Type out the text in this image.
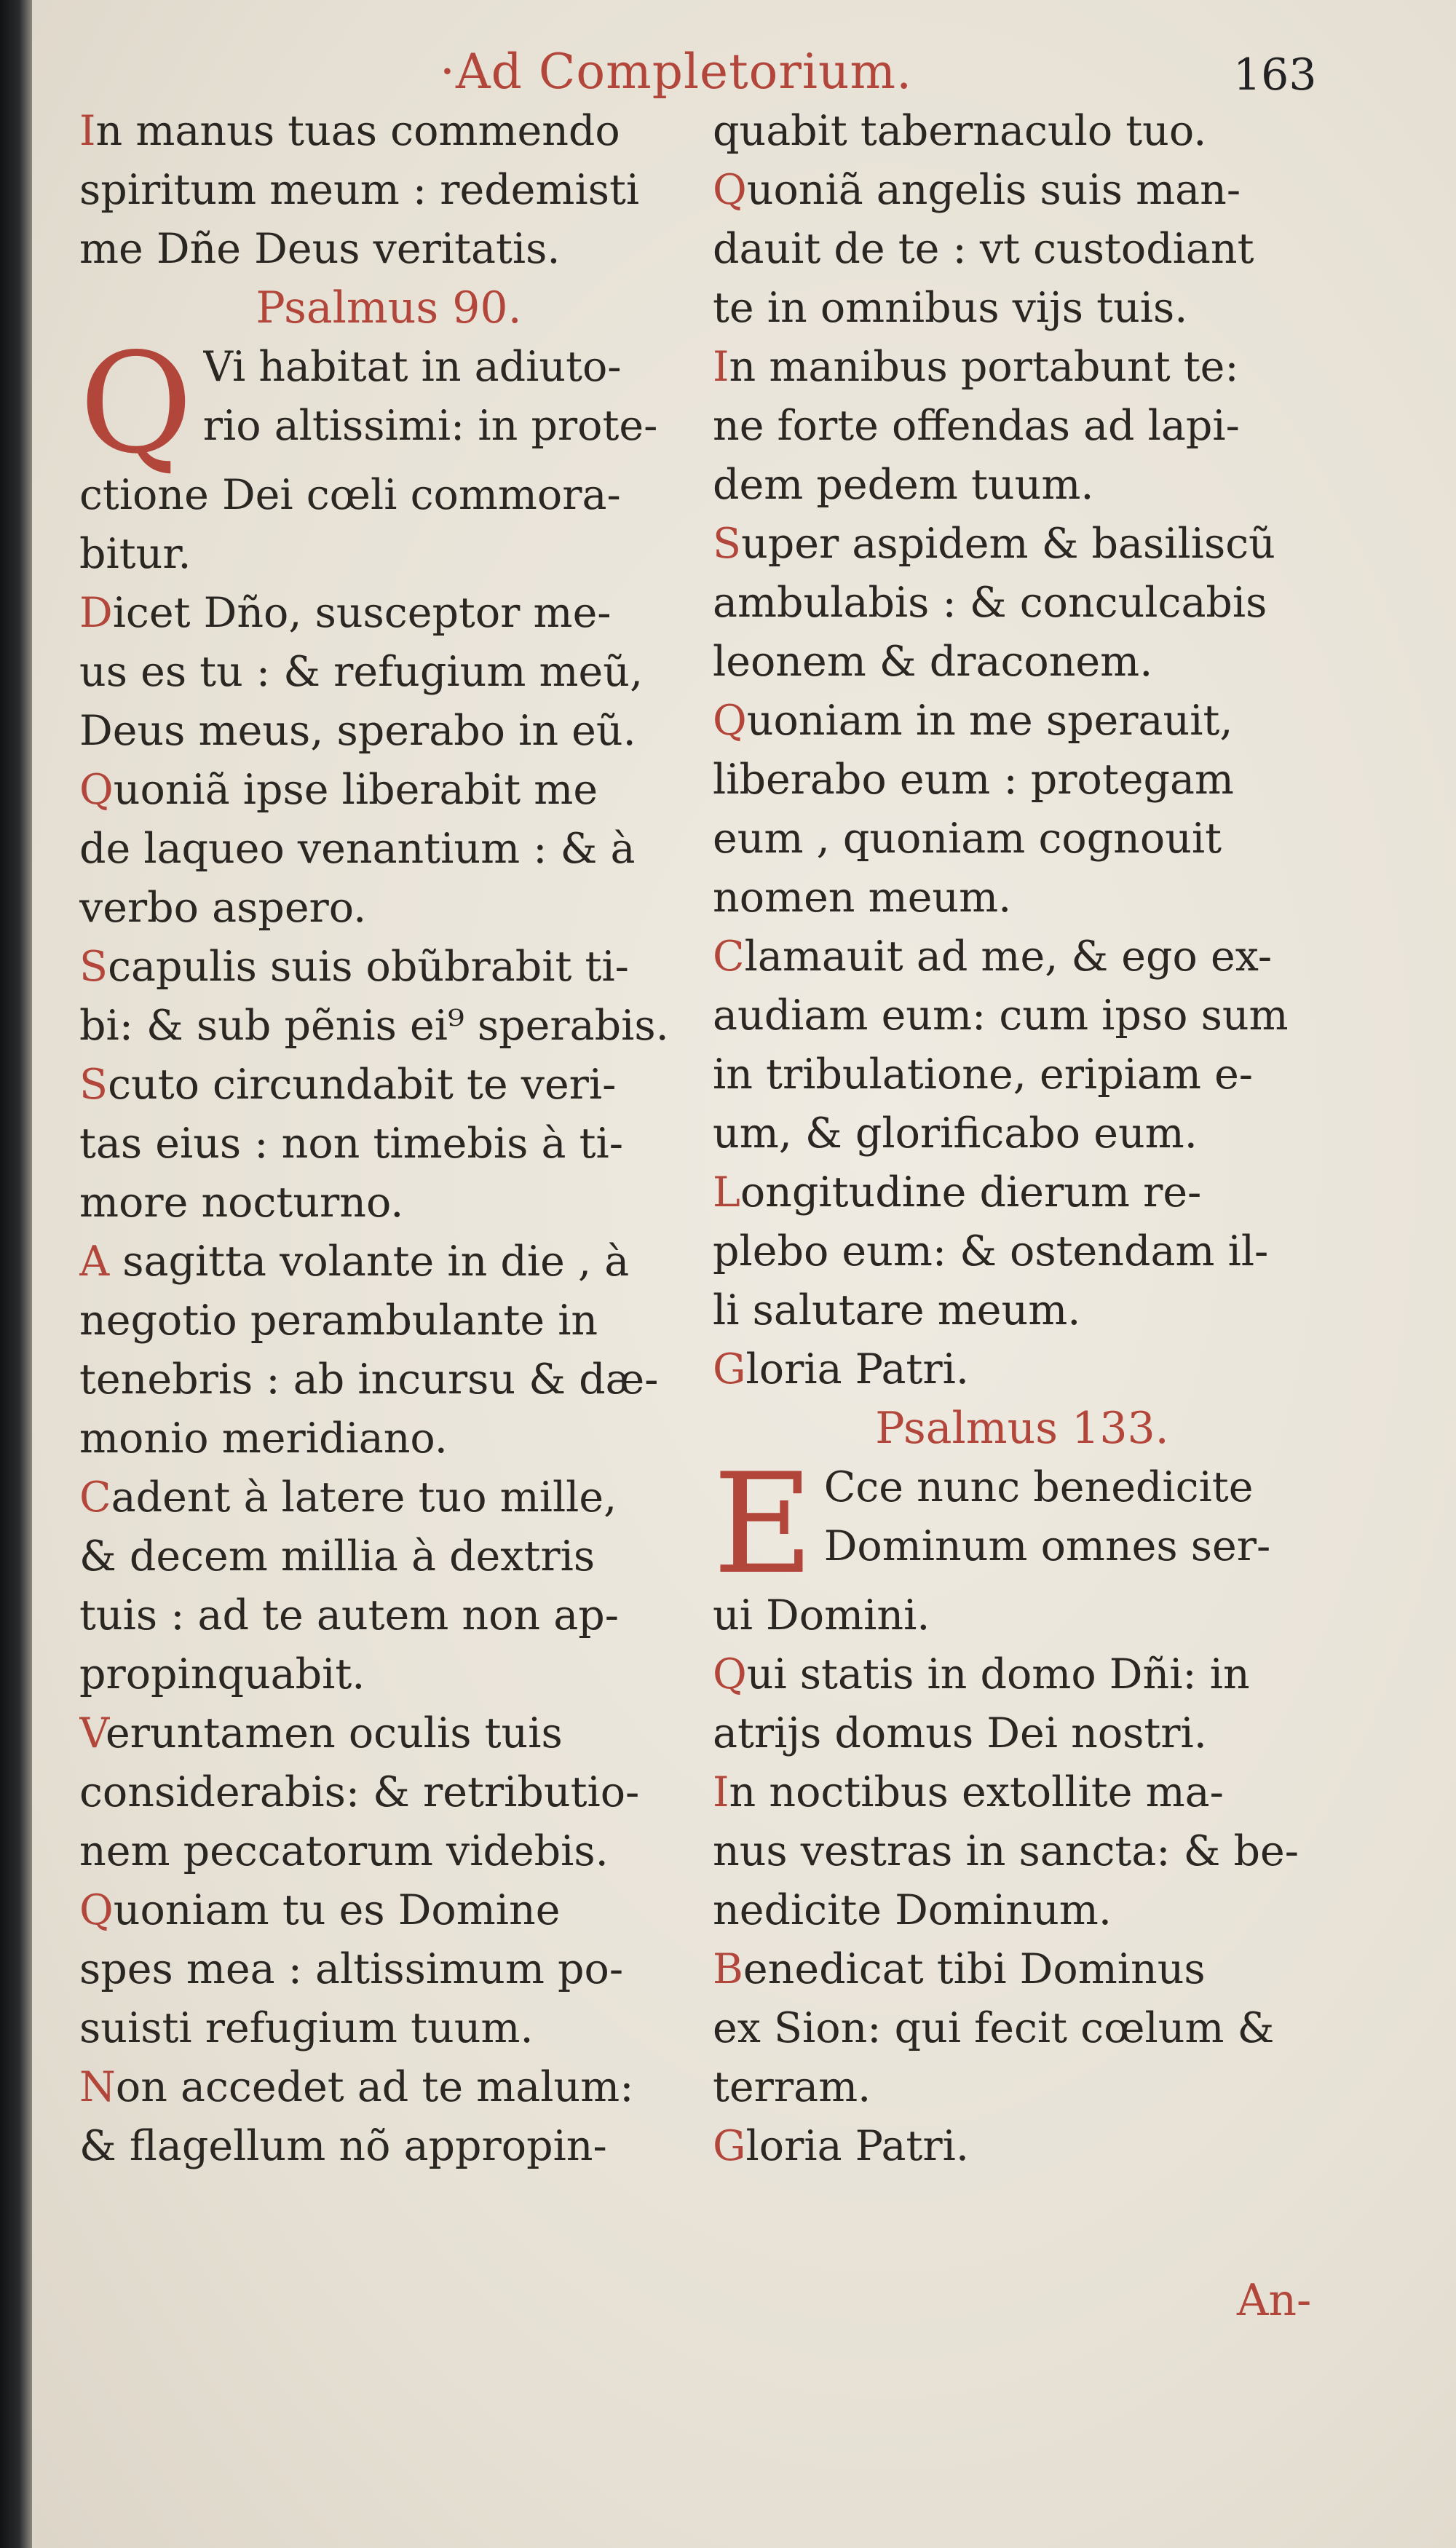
·Ad Completorium.	163
In manus tuas commendo
spiritum meum : redemisti
me Dñe Deus veritatis.
Psalmus 90.
Q Vi habitat in adiuto-
rio altissimi: in prote-
ctione Dei cœli commora-
bitur.
Dicet Dño, susceptor me-
us es tu : & refugium meũ,
Deus meus, sperabo in eũ.
Quoniã ipse liberabit me
de laqueo venantium : & à
verbo aspero.
Scapulis suis obũbrabit ti-
bi: & sub pẽnis ei⁹ sperabis.
Scuto circundabit te veri-
tas eius : non timebis à ti-
more nocturno.
A sagitta volante in die , à
negotio perambulante in
tenebris : ab incursu & dæ-
monio meridiano.
Cadent à latere tuo mille,
& decem millia à dextris
tuis : ad te autem non ap-
propinquabit.
Veruntamen oculis tuis
considerabis: & retributio-
nem peccatorum videbis.
Quoniam tu es Domine
spes mea : altissimum po-
suisti refugium tuum.
Non accedet ad te malum:
& flagellum nõ appropin-
quabit tabernaculo tuo.
Quoniã angelis suis man-
dauit de te : vt custodiant
te in omnibus vijs tuis.
In manibus portabunt te:
ne forte offendas ad lapi-
dem pedem tuum.
Super aspidem & basiliscũ
ambulabis : & conculcabis
leonem & draconem.
Quoniam in me sperauit,
liberabo eum : protegam
eum , quoniam cognouit
nomen meum.
Clamauit ad me, & ego ex-
audiam eum: cum ipso sum
in tribulatione, eripiam e-
um, & glorificabo eum.
Longitudine dierum re-
plebo eum: & ostendam il-
li salutare meum.
Gloria Patri.
Psalmus 133.
E Cce nunc benedicite
Dominum omnes ser-
ui Domini.
Qui statis in domo Dñi: in
atrijs domus Dei nostri.
In noctibus extollite ma-
nus vestras in sancta: & be-
nedicite Dominum.
Benedicat tibi Dominus
ex Sion: qui fecit cœlum &
terram.
Gloria Patri.
An-
